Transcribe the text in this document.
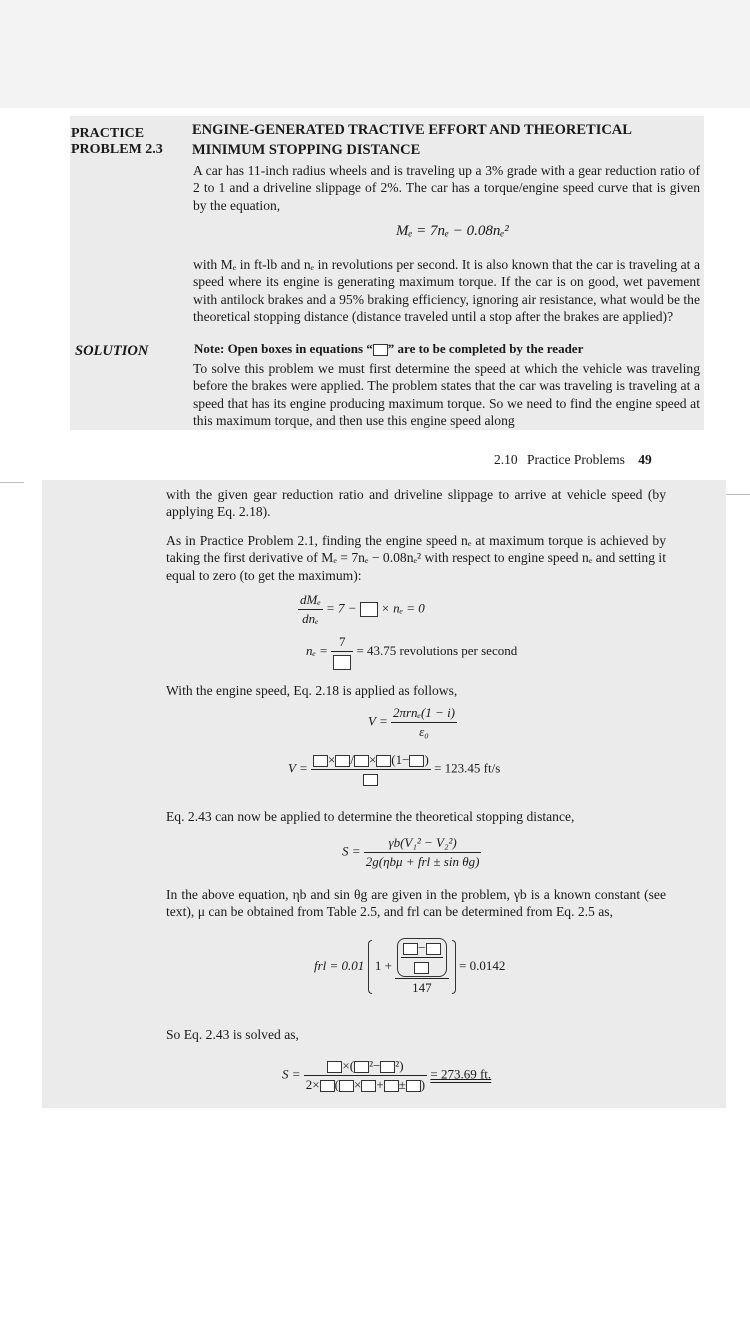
PRACTICE
PROBLEM 2.3
ENGINE-GENERATED TRACTIVE EFFORT AND THEORETICAL
MINIMUM STOPPING DISTANCE
A car has 11-inch radius wheels and is traveling up a 3% grade with a gear reduction ratio of 2 to 1 and a driveline slippage of 2%. The car has a torque/engine speed curve that is given by the equation,
Mₑ = 7nₑ − 0.08nₑ²
with Mₑ in ft-lb and nₑ in revolutions per second. It is also known that the car is traveling at a speed where its engine is generating maximum torque. If the car is on good, wet pavement with antilock brakes and a 95% braking efficiency, ignoring air resistance, what would be the theoretical stopping distance (distance traveled until a stop after the brakes are applied)?
SOLUTION	Note: Open boxes in equations “ ” are to be completed by the reader
To solve this problem we must first determine the speed at which the vehicle was traveling before the brakes were applied. The problem states that the car was traveling is traveling at a speed that has its engine producing maximum torque. So we need to find the engine speed at this maximum torque, and then use this engine speed along
2.10 Practice Problems 49
with the given gear reduction ratio and driveline slippage to arrive at vehicle speed (by applying Eq. 2.18).
As in Practice Problem 2.1, finding the engine speed nₑ at maximum torque is achieved by taking the first derivative of Mₑ = 7nₑ − 0.08nₑ² with respect to engine speed nₑ and setting it equal to zero (to get the maximum):
$\frac{\text{dMₑ}}{\text{dnₑ}} = 7$ − × nₑ = 0
nₑ =
7
= 43.75 revolutions per second
With the engine speed, Eq. 2.18 is applied as follows,
$V = \frac{\text{2πrnₑ(1 − i)}}{\text{ε₀}}$
V =
× / × (1− )
= 123.45 ft/s
Eq. 2.43 can now be applied to determine the theoretical stopping distance,
$S = \frac{\text{γb(V₁² − V₂²)}}{\text{2g(ηbμ + frl ± sin θg)}}$
In the above equation, ηb and sin θg are given in the problem, γb is a known constant (see text), μ can be obtained from Table 2.5, and frl can be determined from Eq. 2.5 as,
frl = 0.01 $1 + \frac{-}{147} = 0.0142$
So Eq. 2.43 is solved as,
$S = \frac{\text{×( ²− ²)}}{2\times ( \times + \pm )} = 273.69$ ft.
